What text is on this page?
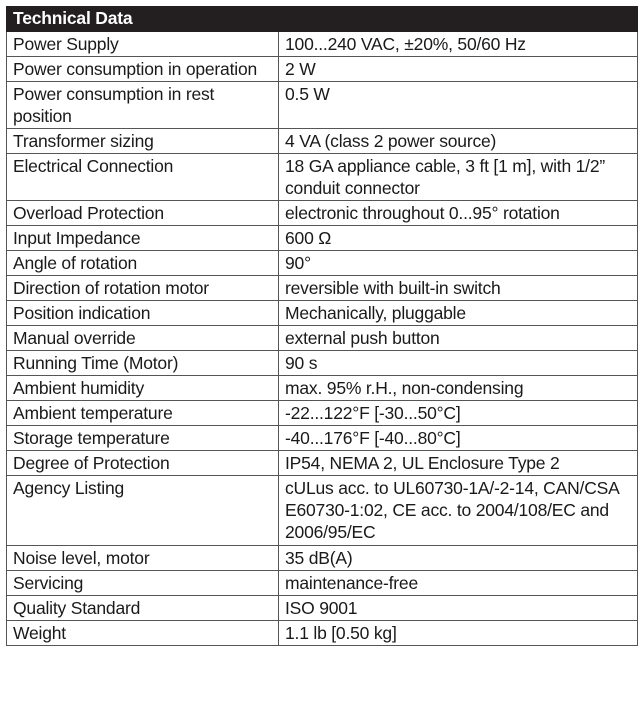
Technical Data	
Power Supply	100...240 VAC, ±20%, 50/60 Hz
Power consumption in operation	2 W
Power consumption in rest position	0.5 W
Transformer sizing	4 VA (class 2 power source)
Electrical Connection	18 GA appliance cable, 3 ft [1 m], with 1/2” conduit connector
Overload Protection	electronic throughout 0...95° rotation
Input Impedance	600 Ω
Angle of rotation	90°
Direction of rotation motor	reversible with built-in switch
Position indication	Mechanically, pluggable
Manual override	external push button
Running Time (Motor)	90 s
Ambient humidity	max. 95% r.H., non-condensing
Ambient temperature	-22...122°F [-30...50°C]
Storage temperature	-40...176°F [-40...80°C]
Degree of Protection	IP54, NEMA 2, UL Enclosure Type 2
Agency Listing	cULus acc. to UL60730-1A/-2-14, CAN/CSA E60730-1:02, CE acc. to 2004/108/EC and 2006/95/EC
Noise level, motor	35 dB(A)
Servicing	maintenance-free
Quality Standard	ISO 9001
Weight	1.1 lb [0.50 kg]
